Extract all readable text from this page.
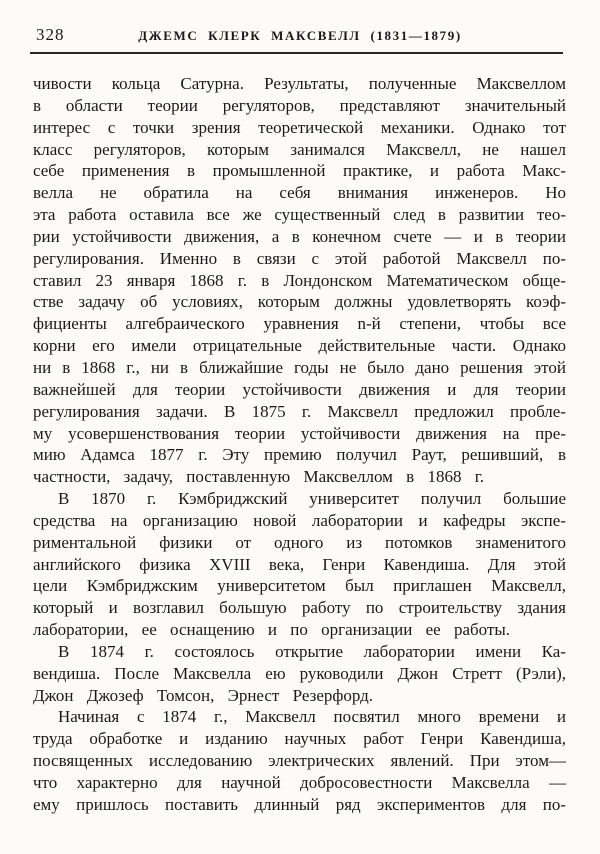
328	ДЖЕМС КЛЕРК МАКСВЕЛЛ (1831—1879)
чивости кольца Сатурна. Результаты, полученные Максвеллом
в области теории регуляторов, представляют значительный
интерес с точки зрения теоретической механики. Однако тот
класс регуляторов, которым занимался Максвелл, не нашел
себе применения в промышленной практике, и работа Макс-
велла не обратила на себя внимания инженеров. Но
эта работа оставила все же существенный след в развитии тео-
рии устойчивости движения, а в конечном счете — и в теории
регулирования. Именно в связи с этой работой Максвелл по-
ставил 23 января 1868 г. в Лондонском Математическом обще-
стве задачу об условиях, которым должны удовлетворять коэф-
фициенты алгебраического уравнения n-й степени, чтобы все
корни его имели отрицательные действительные части. Однако
ни в 1868 г., ни в ближайшие годы не было дано решения этой
важнейшей для теории устойчивости движения и для теории
регулирования задачи. В 1875 г. Максвелл предложил пробле-
му усовершенствования теории устойчивости движения на пре-
мию Адамса 1877 г. Эту премию получил Раут, решивший, в
частности, задачу, поставленную Максвеллом в 1868 г.
В 1870 г. Кэмбриджский университет получил большие
средства на организацию новой лаборатории и кафедры экспе-
риментальной физики от одного из потомков знаменитого
английского физика XVIII века, Генри Кавендиша. Для этой
цели Кэмбриджским университетом был приглашен Максвелл,
который и возглавил большую работу по строительству здания
лаборатории, ее оснащению и по организации ее работы.
В 1874 г. состоялось открытие лаборатории имени Ка-
вендиша. После Максвелла ею руководили Джон Стретт (Рэли),
Джон Джозеф Томсон, Эрнест Резерфорд.
Начиная с 1874 г., Максвелл посвятил много времени и
труда обработке и изданию научных работ Генри Кавендиша,
посвященных исследованию электрических явлений. При этом—
что характерно для научной добросовестности Максвелла —
ему пришлось поставить длинный ряд экспериментов для по-
